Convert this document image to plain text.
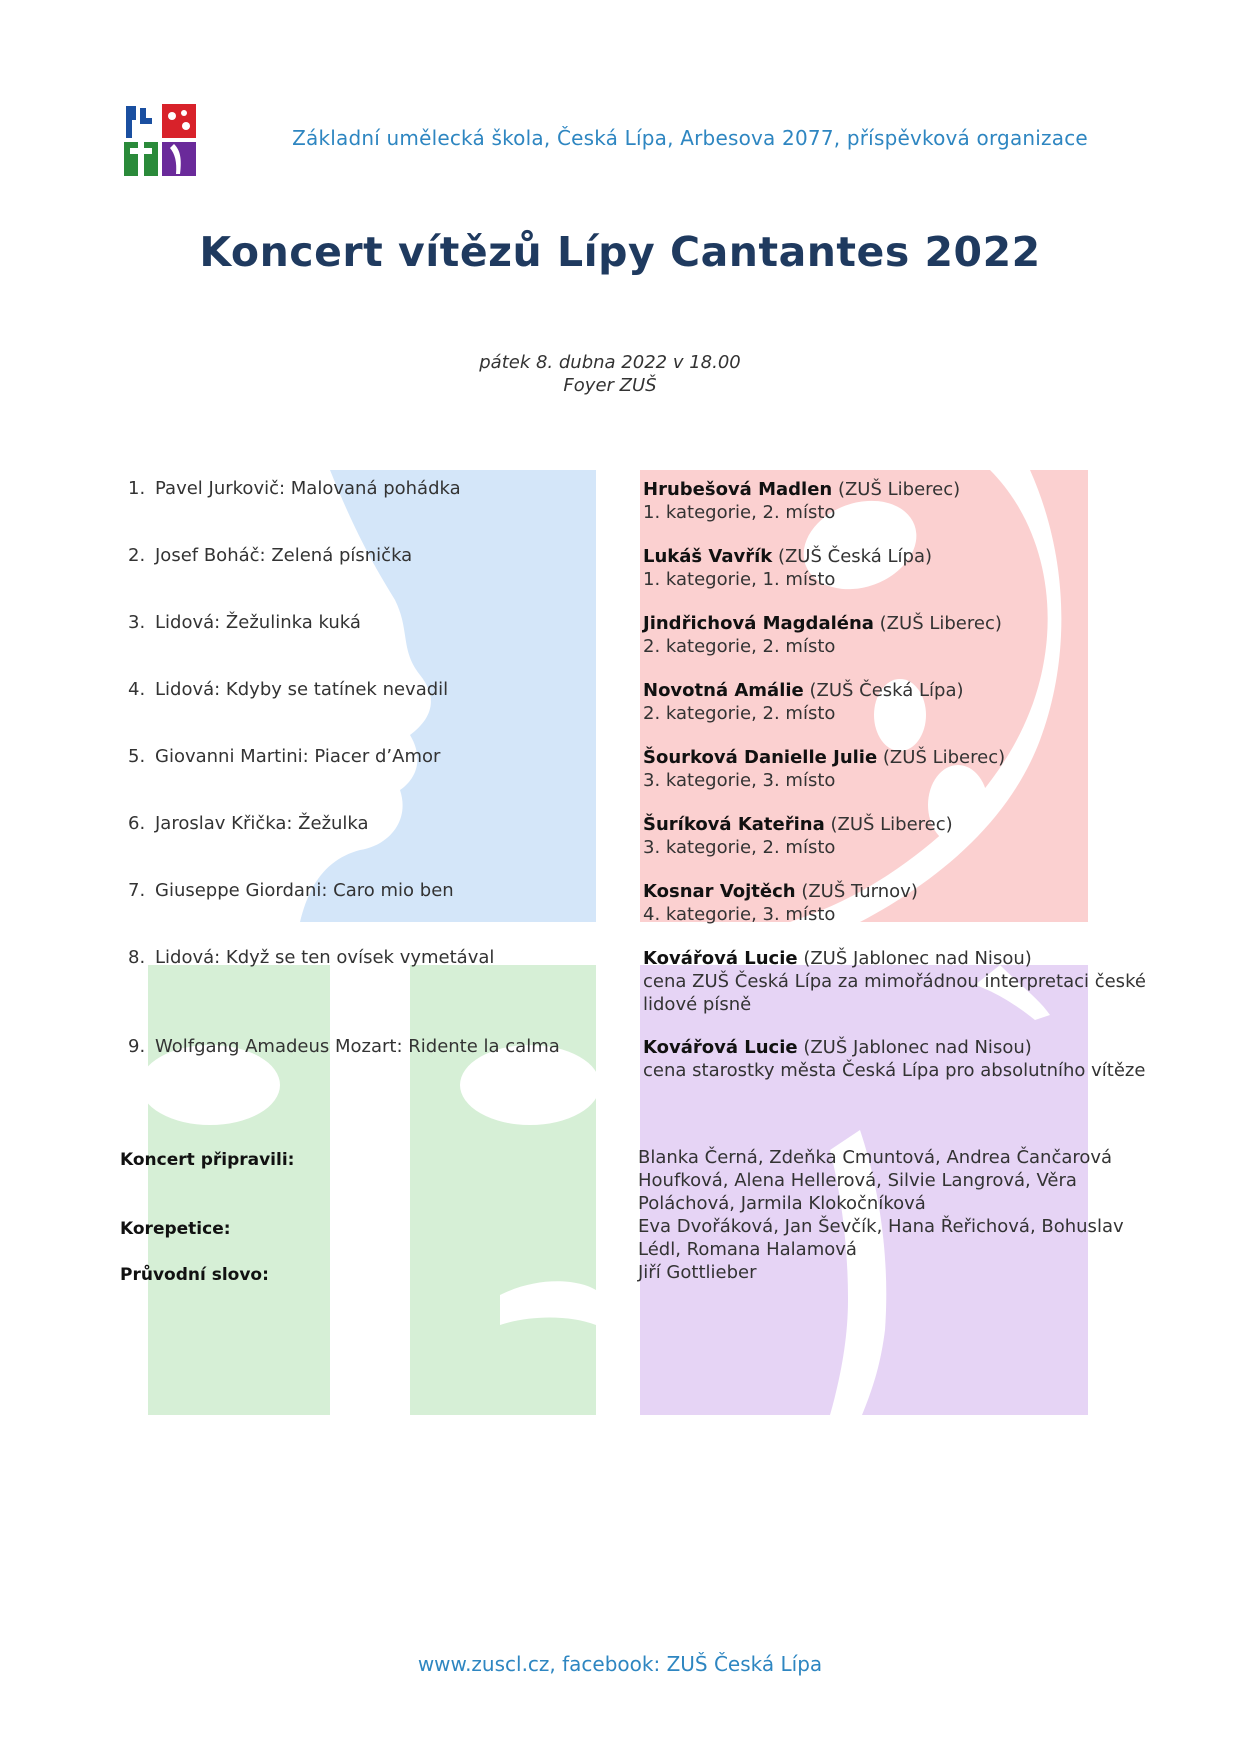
Základní umělecká škola, Česká Lípa, Arbesova 2077, příspěvková organizace
Koncert vítězů Lípy Cantantes 2022
pátek 8. dubna 2022 v 18.00
Foyer ZUŠ
1. Pavel Jurkovič: Malovaná pohádka	Hrubešová Madlen (ZUŠ Liberec)
1. kategorie, 2. místo
2. Josef Boháč: Zelená písnička	Lukáš Vavřík (ZUŠ Česká Lípa)
1. kategorie, 1. místo
3. Lidová: Žežulinka kuká	Jindřichová Magdaléna (ZUŠ Liberec)
2. kategorie, 2. místo
4. Lidová: Kdyby se tatínek nevadil	Novotná Amálie (ZUŠ Česká Lípa)
2. kategorie, 2. místo
5. Giovanni Martini: Piacer d’Amor	Šourková Danielle Julie (ZUŠ Liberec)
3. kategorie, 3. místo
6. Jaroslav Křička: Žežulka	Šuríková Kateřina (ZUŠ Liberec)
3. kategorie, 2. místo
7. Giuseppe Giordani: Caro mio ben	Kosnar Vojtěch (ZUŠ Turnov)
4. kategorie, 3. místo
8. Lidová: Když se ten ovísek vymetával	Kovářová Lucie (ZUŠ Jablonec nad Nisou)
cena ZUŠ Česká Lípa za mimořádnou interpretaci české lidové písně
9. Wolfgang Amadeus Mozart: Ridente la calma	Kovářová Lucie (ZUŠ Jablonec nad Nisou)
cena starostky města Česká Lípa pro absolutního vítěze
Koncert připravili:	Blanka Černá, Zdeňka Cmuntová, Andrea Čančarová Houfková, Alena Hellerová, Silvie Langrová, Věra Poláchová, Jarmila Klokočníková
Korepetice:	Eva Dvořáková, Jan Ševčík, Hana Řeřichová, Bohuslav Lédl, Romana Halamová
Průvodní slovo:	Jiří Gottlieber
www.zuscl.cz, facebook: ZUŠ Česká Lípa
